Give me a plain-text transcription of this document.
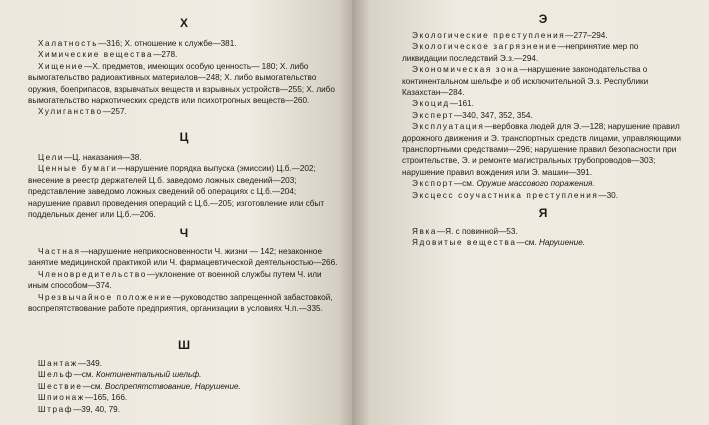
Х

Халатность—316; Х. отношение к службе—381.

Химические вещества—278.

Хищение—Х. предметов, имеющих особую ценность— 180; Х. либо вымогательство радиоактивных материалов—248; Х. либо вымогательство оружия, боеприпасов, взрывчатых веществ и взрывных устройств—255; Х. либо вымогательство наркотических средств или психотропных веществ—260.

Хулиганство—257.

Ц

Цели—Ц. наказания—38.

Ценные бумаги—нарушение порядка выпуска (эмиссии) Ц.б.—202; внесение в реестр держателей Ц.б. заведомо ложных сведений—203; представление заведомо ложных сведений об операциях с Ц.б.—204; нарушение правил проведения операций с Ц.б.—205; изготовление или сбыт поддельных денег или Ц.б.—206.

Ч

Частная—нарушение неприкосновенности Ч. жизни — 142; незаконное занятие медицинской практикой или Ч. фармацевтической деятельностью—266.

Членовредительство—уклонение от военной службы путем Ч. или иным способом—374.

Чрезвычайное положение—руководство запрещенной забастовкой, воспрепятствование работе предприятия, организации в условиях Ч.п.—335.

Ш

Шантаж—349.

Шельф—см. Континентальный шельф.

Шествие—см. Воспрепятствование, Нарушение.

Шпионаж—165, 166.

Штраф—39, 40, 79.

Э

Экологические преступления—277–294.

Экологическое загрязнение—непринятие мер по ликвидации последствий Э.з.—294.

Экономическая зона—нарушение законодательства о континентальном шельфе и об исключительной Э.з. Республики Казахстан—284.

Экоцид—161.

Эксперт—340, 347, 352, 354.

Эксплуатация—вербовка людей для Э.—128; нарушение правил дорожного движения и Э. транспортных средств лицами, управляющими транспортными средствами—296; нарушение правил безопасности при строительстве, Э. и ремонте магистральных трубопроводов—303; нарушение правил вождения или Э. машин—391.

Экспорт—см. Оружие массового поражения.

Эксцесс соучастника преступления—30.

Я

Явка—Я. с повинной—53.

Ядовитые вещества—см. Нарушение.
